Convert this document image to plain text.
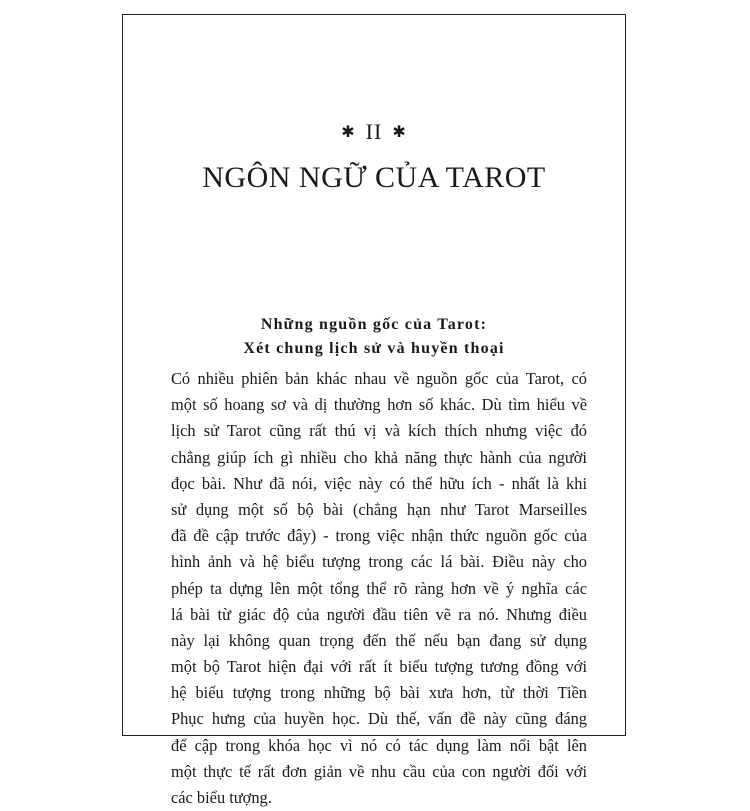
✱ II ✱
NGÔN NGỮ CỦA TAROT
Những nguồn gốc của Tarot:
Xét chung lịch sử và huyền thoại
Có nhiều phiên bản khác nhau về nguồn gốc của Tarot, có
một số hoang sơ và dị thường hơn số khác. Dù tìm hiểu về
lịch sử Tarot cũng rất thú vị và kích thích nhưng việc đó
chẳng giúp ích gì nhiều cho khả năng thực hành của người
đọc bài. Như đã nói, việc này có thể hữu ích - nhất là khi
sử dụng một số bộ bài (chẳng hạn như Tarot Marseilles
đã đề cập trước đây) - trong việc nhận thức nguồn gốc của
hình ảnh và hệ biểu tượng trong các lá bài. Điều này cho
phép ta dựng lên một tổng thể rõ ràng hơn về ý nghĩa các
lá bài từ giác độ của người đầu tiên vẽ ra nó. Nhưng điều
này lại không quan trọng đến thế nếu bạn đang sử dụng
một bộ Tarot hiện đại với rất ít biểu tượng tương đồng với
hệ biểu tượng trong những bộ bài xưa hơn, từ thời Tiền
Phục hưng của huyền học. Dù thế, vấn đề này cũng đáng
để cập trong khóa học vì nó có tác dụng làm nổi bật lên
một thực tế rất đơn giản về nhu cầu của con người đối với
các biểu tượng.
